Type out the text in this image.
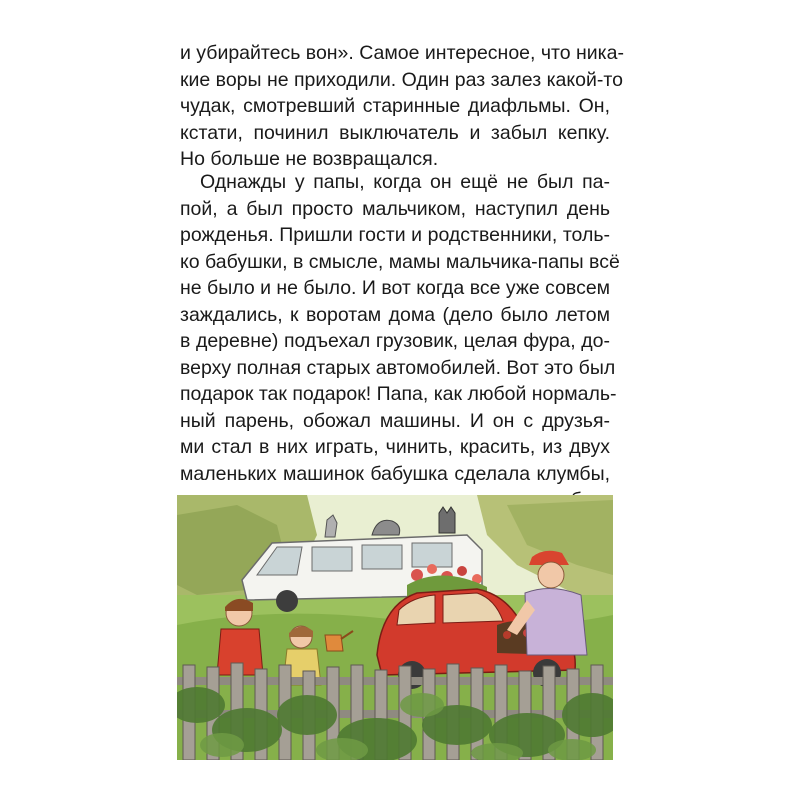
и убирайтесь вон». Самое интересное, что ника-
кие воры не приходили. Один раз залез какой-то
чудак, смотревший старинные диафльмы. Он,
кстати, починил выключатель и забыл кепку.
Но больше не возвращался.
Однажды у папы, когда он ещё не был па-
пой, а был просто мальчиком, наступил день
рожденья. Пришли гости и родственники, толь-
ко бабушки, в смысле, мамы мальчика-папы всё
не было и не было. И вот когда все уже совсем
заждались, к воротам дома (дело было летом
в деревне) подъехал грузовик, целая фура, до-
верху полная старых автомобилей. Вот это был
подарок так подарок! Папа, как любой нормаль-
ный парень, обожал машины. И он с друзья-
ми стал в них играть, чинить, красить, из двух
маленьких машинок бабушка сделала клумбы,
